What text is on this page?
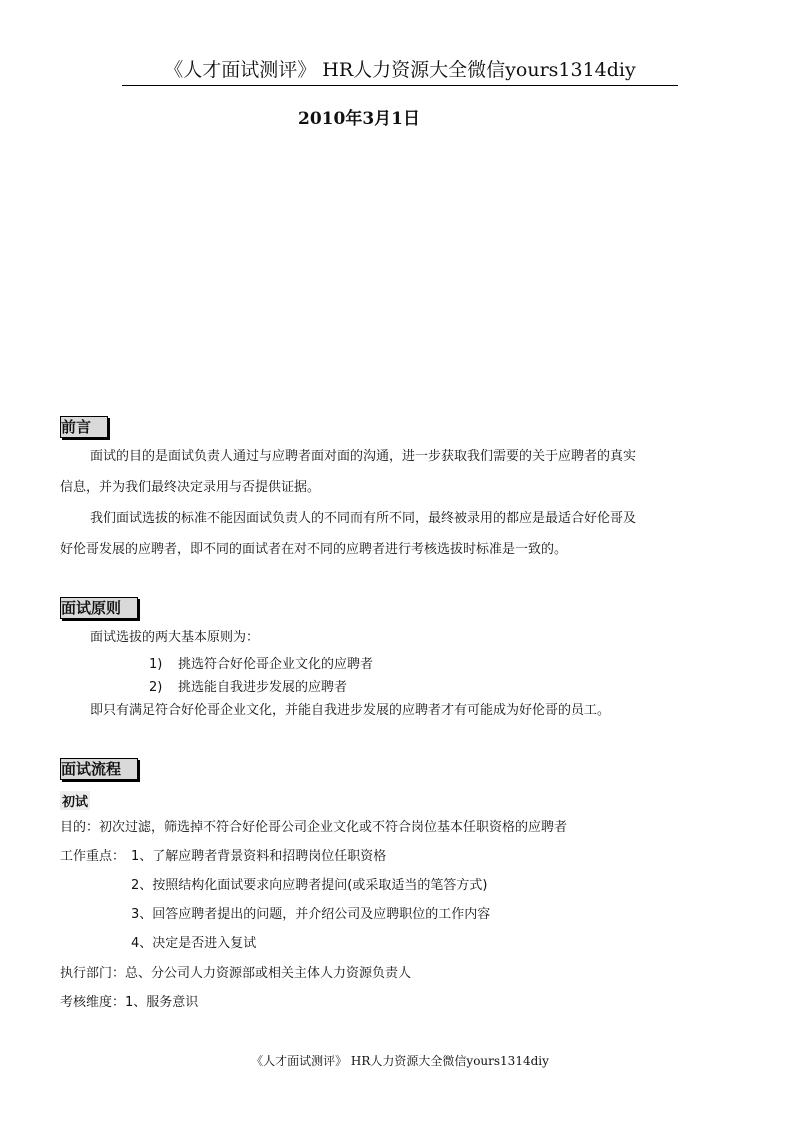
《人才面试测评》 HR人力资源大全微信yours1314diy
2010年3月1日
前言
面试的目的是面试负责人通过与应聘者面对面的沟通，进一步获取我们需要的关于应聘者的真实
信息，并为我们最终决定录用与否提供证据。
我们面试选拔的标准不能因面试负责人的不同而有所不同，最终被录用的都应是最适合好伦哥及
好伦哥发展的应聘者，即不同的面试者在对不同的应聘者进行考核选拔时标准是一致的。
面试原则
面试选拔的两大基本原则为：
1) 挑选符合好伦哥企业文化的应聘者
2) 挑选能自我进步发展的应聘者
即只有满足符合好伦哥企业文化，并能自我进步发展的应聘者才有可能成为好伦哥的员工。
面试流程
初试
目的：初次过滤，筛选掉不符合好伦哥公司企业文化或不符合岗位基本任职资格的应聘者
工作重点： 1、了解应聘者背景资料和招聘岗位任职资格
2、按照结构化面试要求向应聘者提问(或采取适当的笔答方式)
3、回答应聘者提出的问题，并介绍公司及应聘职位的工作内容
4、决定是否进入复试
执行部门：总、分公司人力资源部或相关主体人力资源负责人
考核维度：1、服务意识
《人才面试测评》 HR人力资源大全微信yours1314diy
